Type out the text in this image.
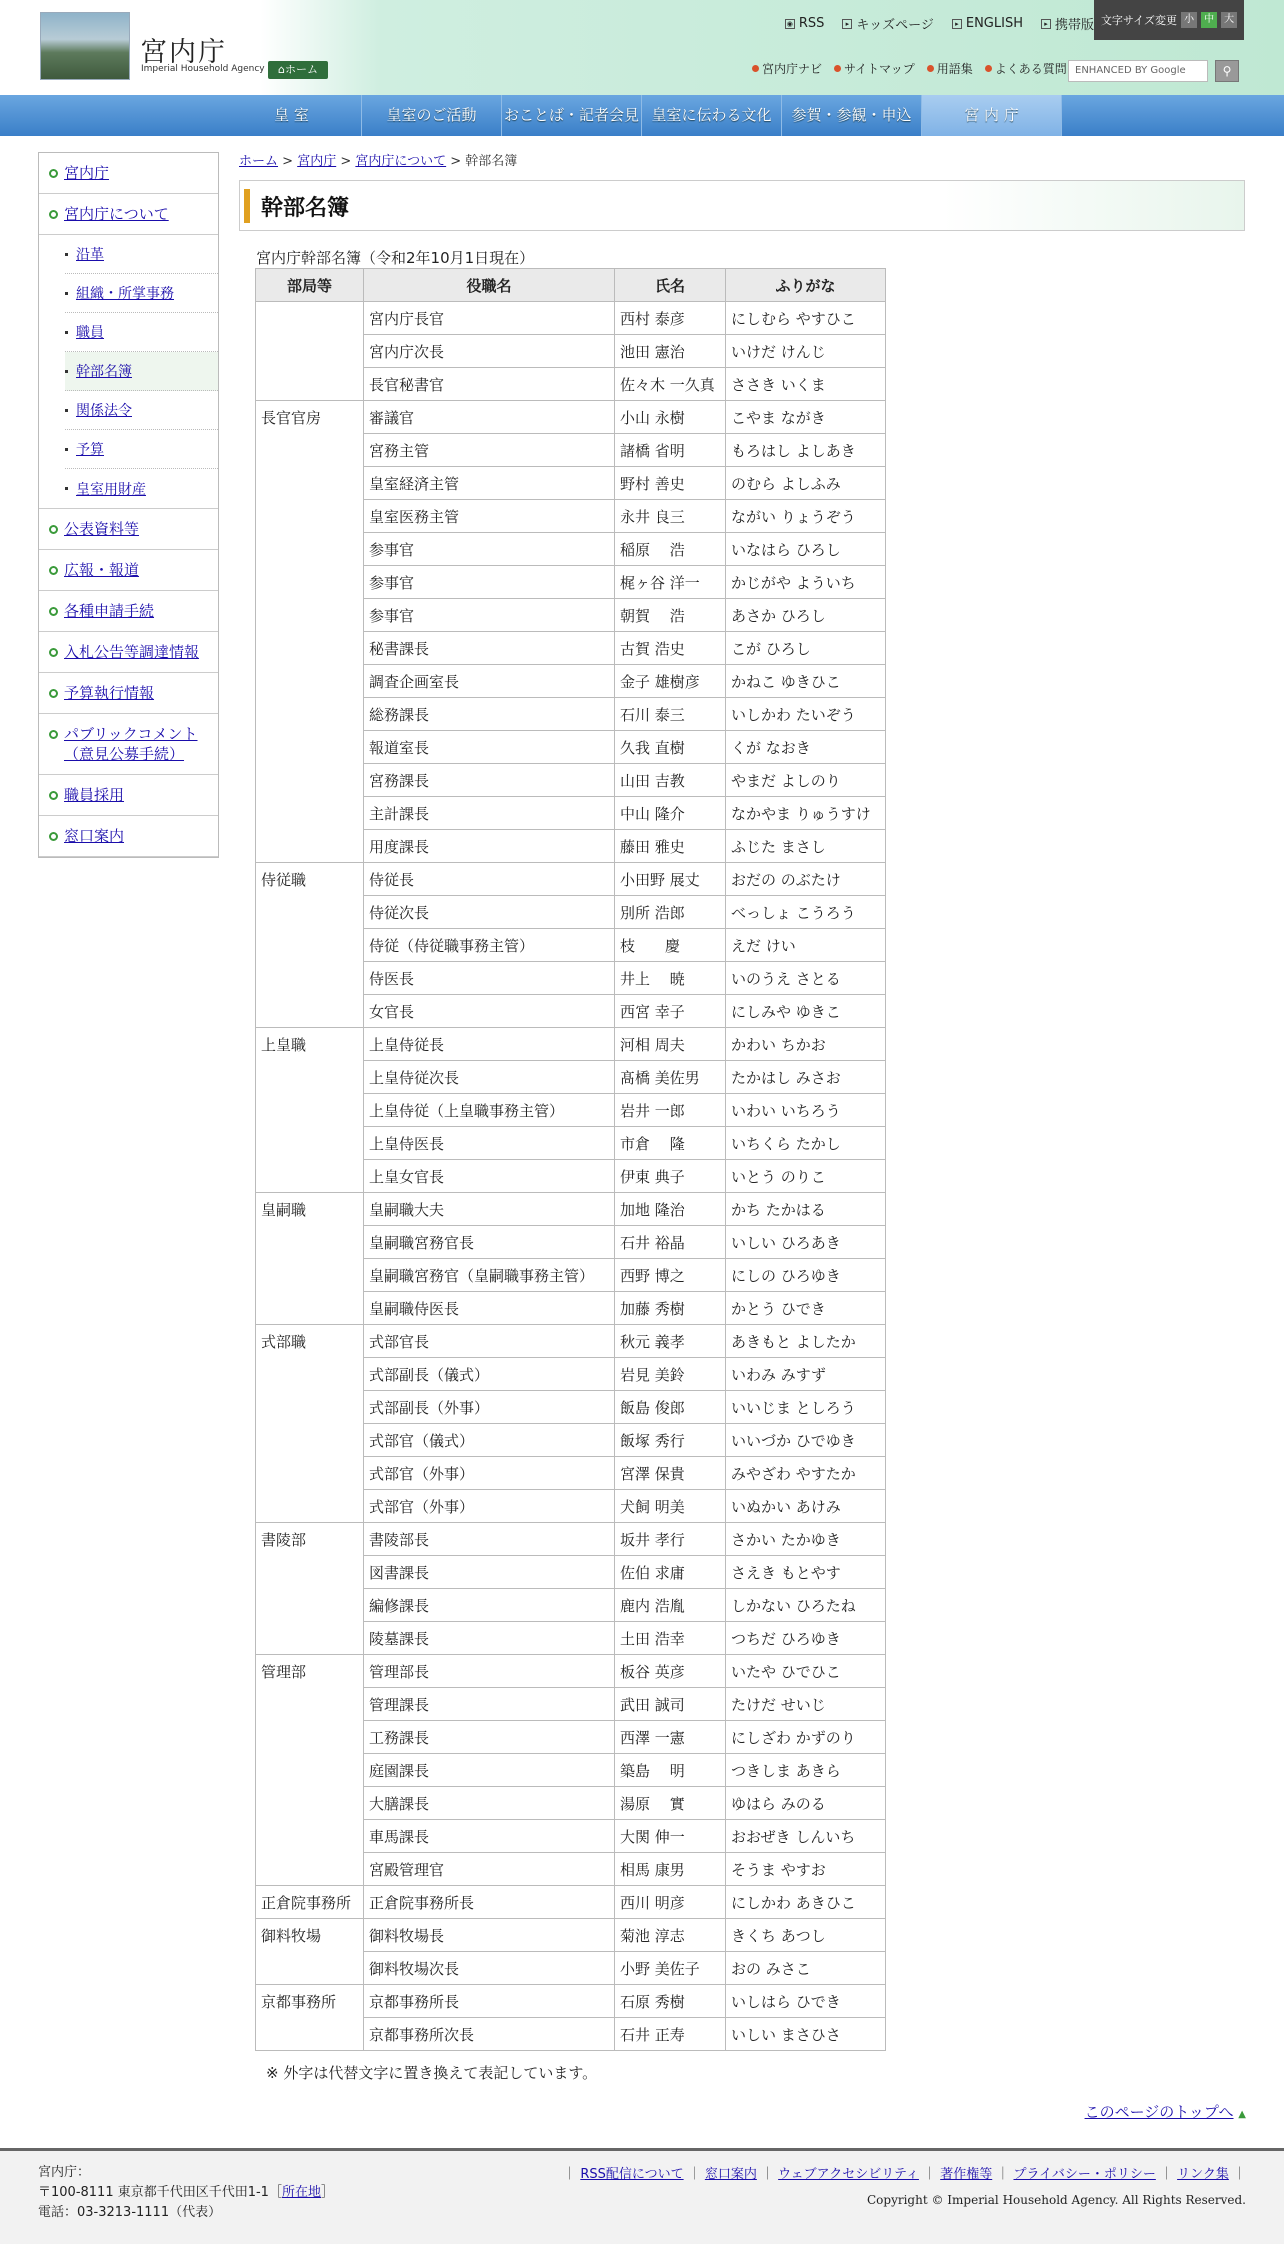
宮内庁
Imperial Household Agency	⌂ホーム
◉ RSS	▸ キッズページ	▸ ENGLISH	▸ 携帯版 文字サイズ変更 小	中	大
宮内庁ナビ サイトマップ 用語集 よくある質問 ENHANCED BY Google	⚲
皇 室	皇室のご活動	おことば・記者会見 皇室に伝わる文化	参賀・参観・申込	宮 内 庁
宮内庁
宮内庁について
沿革
組織・所掌事務
職員
幹部名簿
関係法令
予算
皇室用財産
公表資料等
広報・報道
各種申請手続
入札公告等調達情報
予算執行情報
パブリックコメント（意見公募手続）
職員採用
窓口案内
ホーム > 宮内庁 > 宮内庁について > 幹部名簿
幹部名簿
宮内庁幹部名簿（令和2年10月1日現在）
部局等	役職名	氏名	ふりがな
	宮内庁長官	西村 泰彦	にしむら やすひこ
	宮内庁次長	池田 憲治	いけだ けんじ
	長官秘書官	佐々木 一久真	ささき いくま
長官官房	審議官	小山 永樹	こやま ながき
	宮務主管	諸橋 省明	もろはし よしあき
	皇室経済主管	野村 善史	のむら よしふみ
	皇室医務主管	永井 良三	ながい りょうぞう
	参事官	稲原　 浩	いなはら ひろし
	参事官	梶ヶ谷 洋一	かじがや よういち
	参事官	朝賀　 浩	あさか ひろし
	秘書課長	古賀 浩史	こが ひろし
	調査企画室長	金子 雄樹彦	かねこ ゆきひこ
	総務課長	石川 泰三	いしかわ たいぞう
	報道室長	久我 直樹	くが なおき
	宮務課長	山田 吉教	やまだ よしのり
	主計課長	中山 隆介	なかやま りゅうすけ
	用度課長	藤田 雅史	ふじた まさし
侍従職	侍従長	小田野 展丈	おだの のぶたけ
	侍従次長	別所 浩郎	べっしょ こうろう
	侍従（侍従職事務主管）	枝　　慶	えだ けい
	侍医長	井上　 暁	いのうえ さとる
	女官長	西宮 幸子	にしみや ゆきこ
上皇職	上皇侍従長	河相 周夫	かわい ちかお
	上皇侍従次長	髙橋 美佐男	たかはし みさお
	上皇侍従（上皇職事務主管）	岩井 一郎	いわい いちろう
	上皇侍医長	市倉　 隆	いちくら たかし
	上皇女官長	伊東 典子	いとう のりこ
皇嗣職	皇嗣職大夫	加地 隆治	かち たかはる
	皇嗣職宮務官長	石井 裕晶	いしい ひろあき
	皇嗣職宮務官（皇嗣職事務主管）	西野 博之	にしの ひろゆき
	皇嗣職侍医長	加藤 秀樹	かとう ひでき
式部職	式部官長	秋元 義孝	あきもと よしたか
	式部副長（儀式）	岩見 美鈴	いわみ みすず
	式部副長（外事）	飯島 俊郎	いいじま としろう
	式部官（儀式）	飯塚 秀行	いいづか ひでゆき
	式部官（外事）	宮澤 保貴	みやざわ やすたか
	式部官（外事）	犬飼 明美	いぬかい あけみ
書陵部	書陵部長	坂井 孝行	さかい たかゆき
	図書課長	佐伯 求庸	さえき もとやす
	編修課長	鹿内 浩胤	しかない ひろたね
	陵墓課長	土田 浩幸	つちだ ひろゆき
管理部	管理部長	板谷 英彦	いたや ひでひこ
	管理課長	武田 誠司	たけだ せいじ
	工務課長	西澤 一憲	にしざわ かずのり
	庭園課長	築島　 明	つきしま あきら
	大膳課長	湯原　 實	ゆはら みのる
	車馬課長	大関 伸一	おおぜき しんいち
	宮殿管理官	相馬 康男	そうま やすお
正倉院事務所	正倉院事務所長	西川 明彦	にしかわ あきひこ
御料牧場	御料牧場長	菊池 淳志	きくち あつし
	御料牧場次長	小野 美佐子	おの みさこ
京都事務所	京都事務所長	石原 秀樹	いしはら ひでき
	京都事務所次長	石井 正寿	いしい まさひさ
※ 外字は代替文字に置き換えて表記しています。
このページのトップへ ▲
宮内庁：
〒100-8111 東京都千代田区千代田1-1［所在地］
電話：03-3213-1111（代表）
｜ RSS配信について ｜ 窓口案内 ｜ ウェブアクセシビリティ ｜ 著作権等 ｜ プライバシー・ポリシー ｜ リンク集 ｜
Copyright © Imperial Household Agency. All Rights Reserved.
